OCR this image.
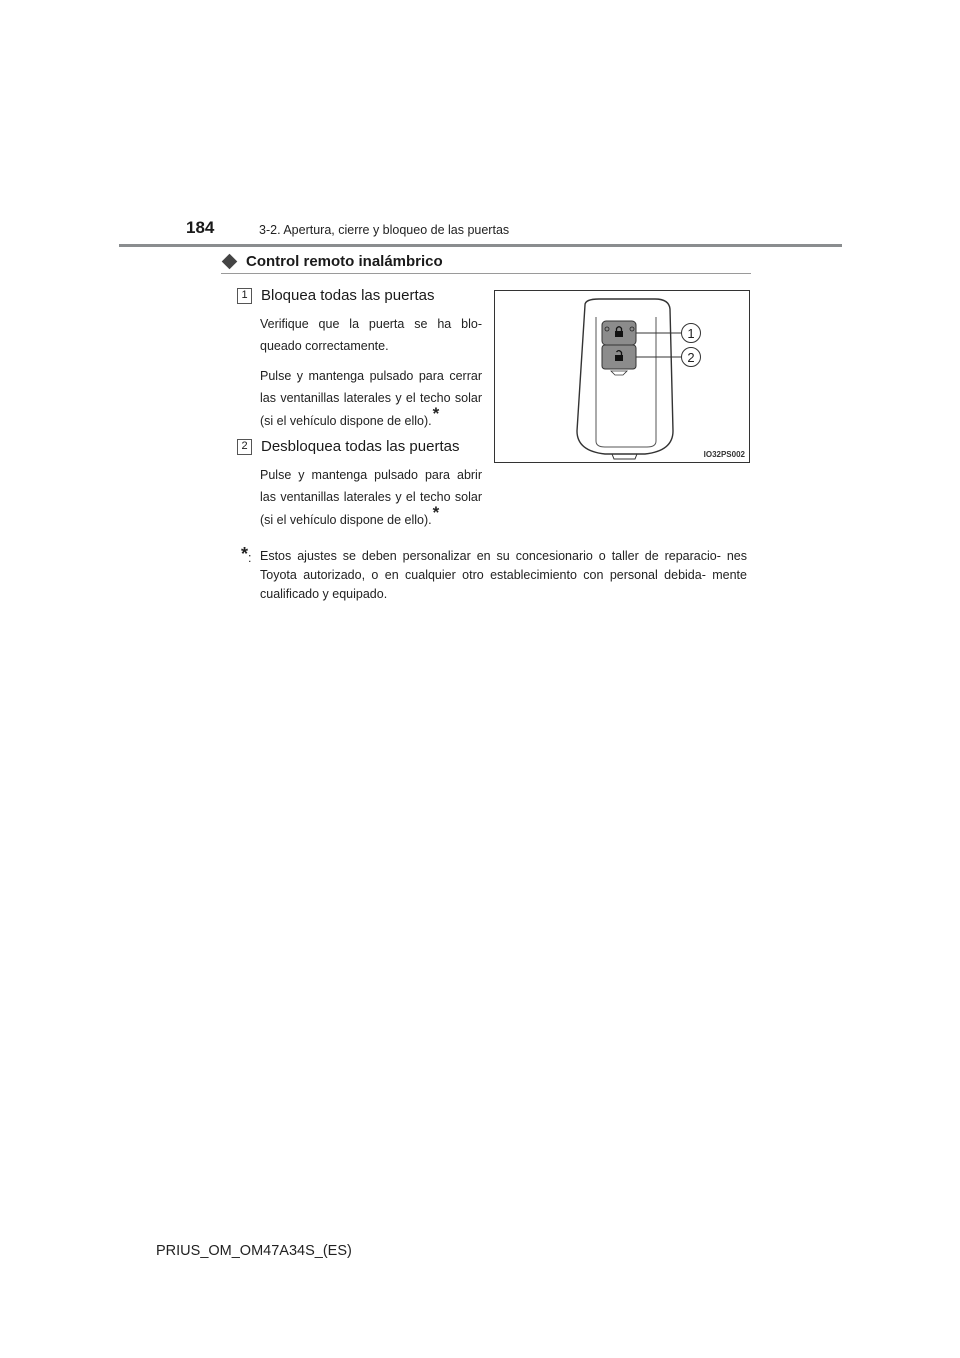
184	3-2. Apertura, cierre y bloqueo de las puertas
Control remoto inalámbrico
1 Bloquea todas las puertas

Verifique que la puerta se ha blo- queado correctamente.

Pulse y mantenga pulsado para cerrar las ventanillas laterales y el techo solar (si el vehículo dispone de ello).*

2 Desbloquea todas las puertas

Pulse y mantenga pulsado para abrir las ventanillas laterales y el techo solar (si el vehículo dispone de ello).*

1
2
IO32PS002
*: Estos ajustes se deben personalizar en su concesionario o taller de reparacio- nes Toyota autorizado, o en cualquier otro establecimiento con personal debida- mente cualificado y equipado.
PRIUS_OM_OM47A34S_(ES)
